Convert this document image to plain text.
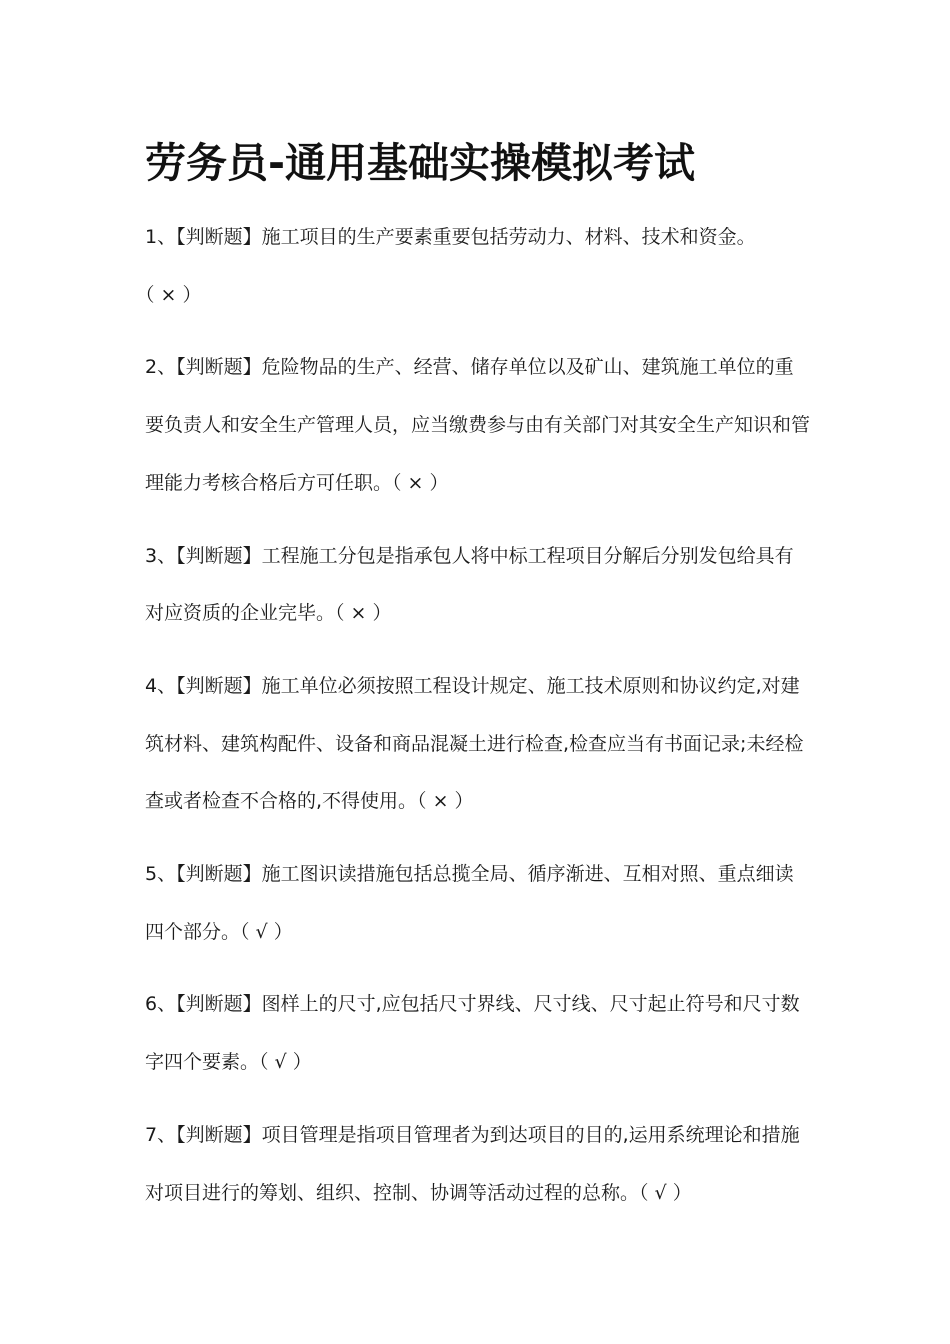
劳务员-通用基础实操模拟考试

1、【判断题】施工项目的生产要素重要包括劳动力、材料、技术和资金。（ × ）

2、【判断题】危险物品的生产、经营、储存单位以及矿山、建筑施工单位的重要负责人和安全生产管理人员，应当缴费参与由有关部门对其安全生产知识和管理能力考核合格后方可任职。（ × ）

3、【判断题】工程施工分包是指承包人将中标工程项目分解后分别发包给具有对应资质的企业完毕。（ × ）

4、【判断题】施工单位必须按照工程设计规定、施工技术原则和协议约定,对建筑材料、建筑构配件、设备和商品混凝土进行检查,检查应当有书面记录;未经检查或者检查不合格的,不得使用。（ × ）

5、【判断题】施工图识读措施包括总揽全局、循序渐进、互相对照、重点细读四个部分。（ √ ）

6、【判断题】图样上的尺寸,应包括尺寸界线、尺寸线、尺寸起止符号和尺寸数字四个要素。（ √ ）

7、【判断题】项目管理是指项目管理者为到达项目的目的,运用系统理论和措施对项目进行的筹划、组织、控制、协调等活动过程的总称。（ √ ）
